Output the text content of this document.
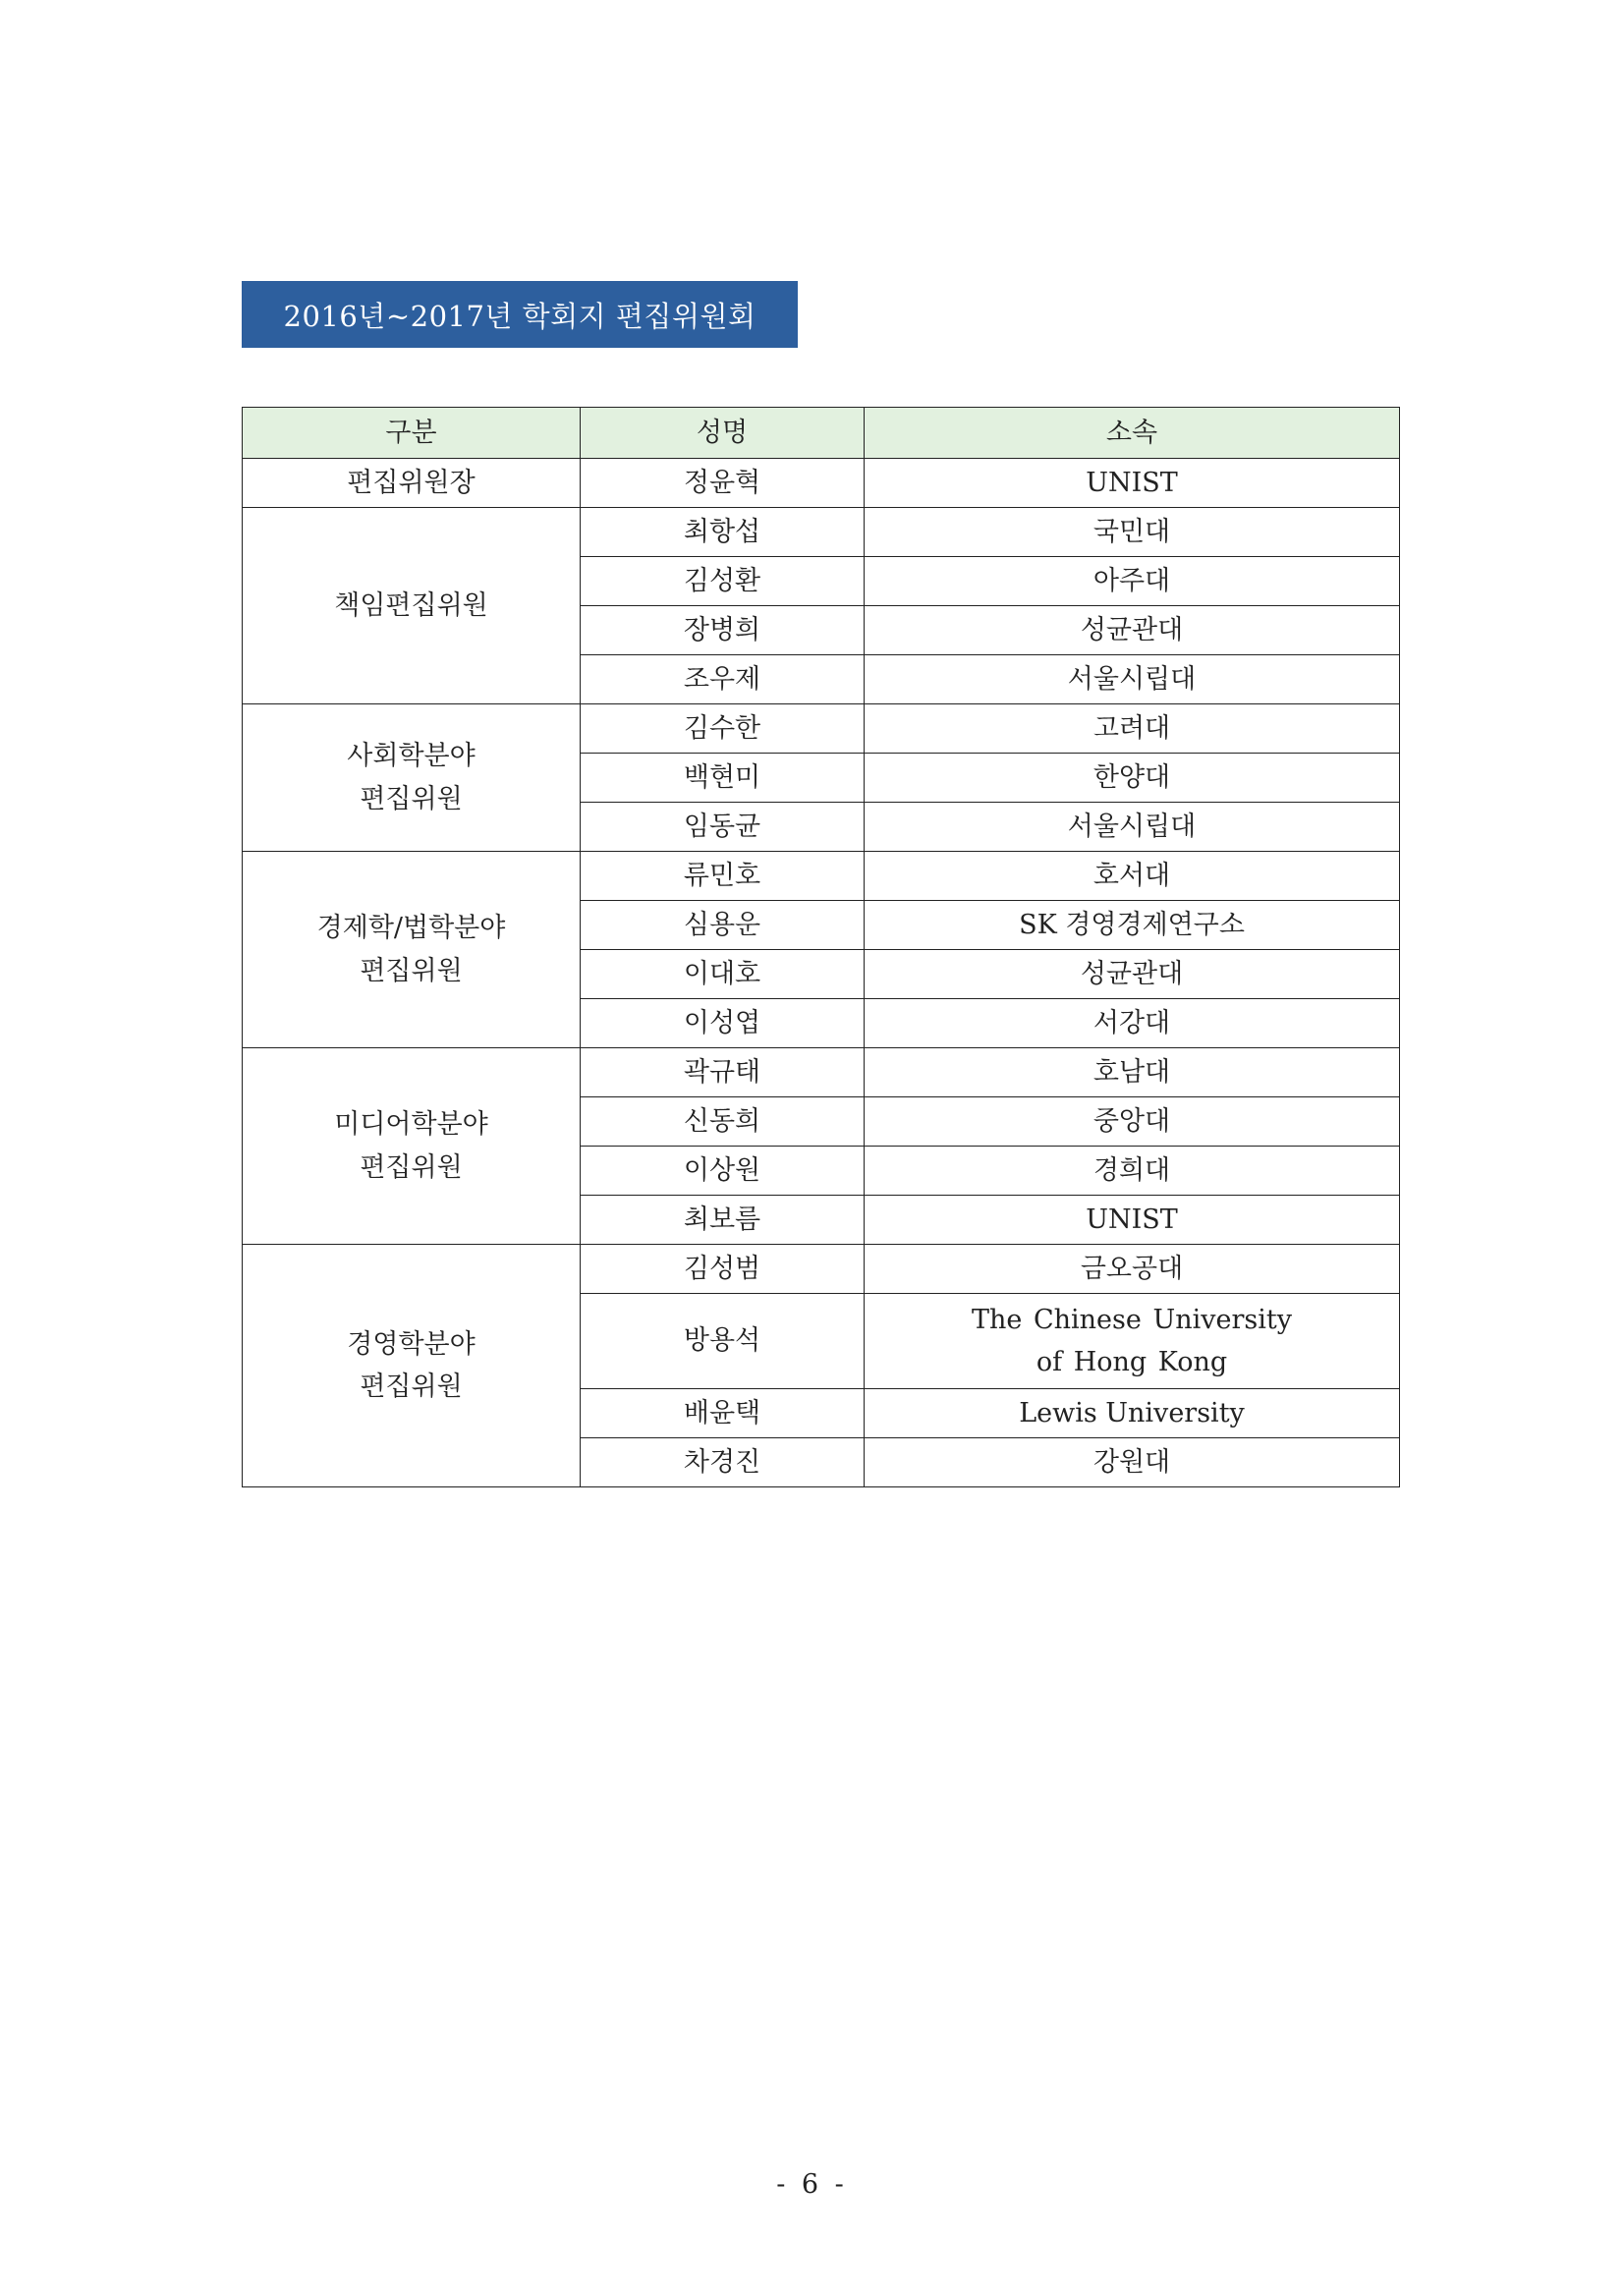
2016년~2017년 학회지 편집위원회
구분	성명	소속
편집위원장	정윤혁	UNIST
책임편집위원	최항섭	국민대
	김성환	아주대
	장병희	성균관대
	조우제	서울시립대
사회학분야
편집위원	김수한	고려대
	백현미	한양대
	임동균	서울시립대
경제학/법학분야
편집위원	류민호	호서대
	심용운	SK 경영경제연구소
	이대호	성균관대
	이성엽	서강대
미디어학분야
편집위원	곽규태	호남대
	신동희	중앙대
	이상원	경희대
	최보름	UNIST
경영학분야
편집위원	김성범	금오공대
	방용석	The Chinese University
of Hong Kong
	배윤택	Lewis University
	차경진	강원대
- 6 -
